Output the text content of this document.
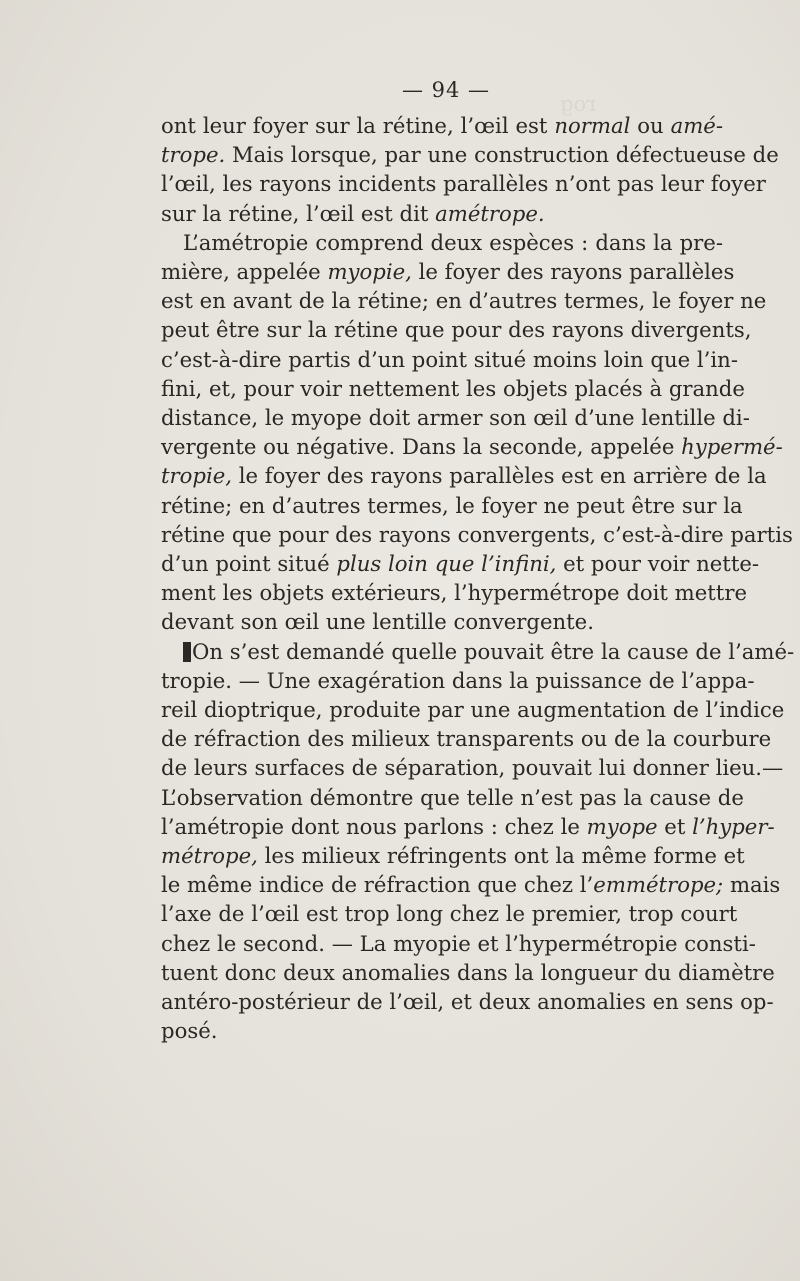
rog
— 94 —

ont leur foyer sur la rétine, l’œil est normal ou amé-
trope. Mais lorsque, par une construction défectueuse de
l’œil, les rayons incidents parallèles n’ont pas leur foyer
sur la rétine, l’œil est dit amétrope.

L’amétropie comprend deux espèces : dans la pre-
mière, appelée myopie, le foyer des rayons parallèles
est en avant de la rétine; en d’autres termes, le foyer ne
peut être sur la rétine que pour des rayons divergents,
c’est-à-dire partis d’un point situé moins loin que l’in-
fini, et, pour voir nettement les objets placés à grande
distance, le myope doit armer son œil d’une lentille di-
vergente ou négative. Dans la seconde, appelée hypermé-
tropie, le foyer des rayons parallèles est en arrière de la
rétine; en d’autres termes, le foyer ne peut être sur la
rétine que pour des rayons convergents, c’est-à-dire partis
d’un point situé plus loin que l’infini, et pour voir nette-
ment les objets extérieurs, l’hypermétrope doit mettre
devant son œil une lentille convergente.

On s’est demandé quelle pouvait être la cause de l’amé-
tropie. — Une exagération dans la puissance de l’appa-
reil dioptrique, produite par une augmentation de l’indice
de réfraction des milieux transparents ou de la courbure
de leurs surfaces de séparation, pouvait lui donner lieu.—
L’observation démontre que telle n’est pas la cause de
l’amétropie dont nous parlons : chez le myope et l’hyper-
métrope, les milieux réfringents ont la même forme et
le même indice de réfraction que chez l’emmétrope; mais
l’axe de l’œil est trop long chez le premier, trop court
chez le second. — La myopie et l’hypermétropie consti-
tuent donc deux anomalies dans la longueur du diamètre
antéro-postérieur de l’œil, et deux anomalies en sens op-
posé.
